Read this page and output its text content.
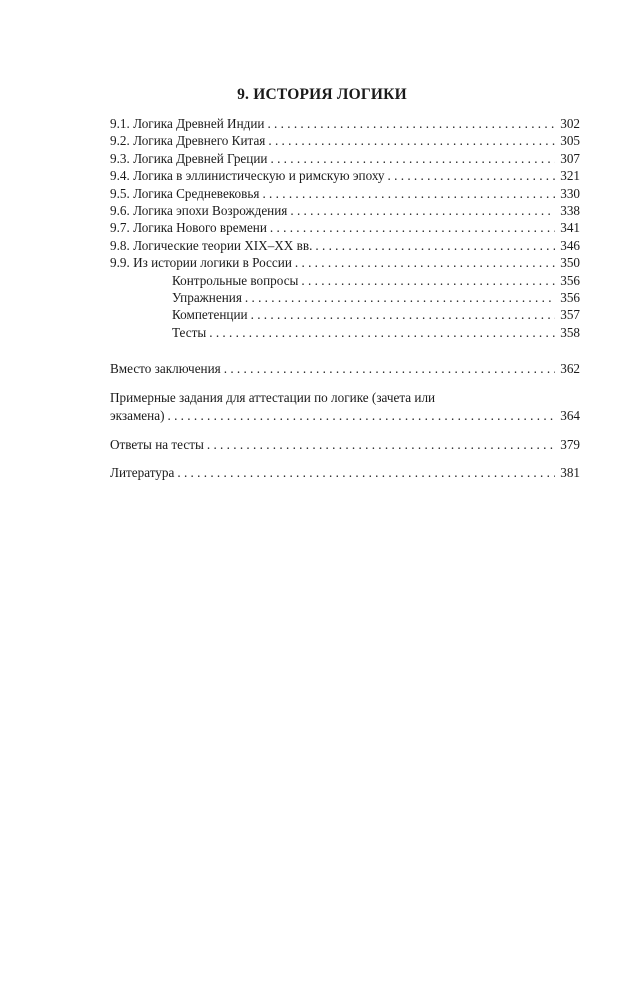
9. ИСТОРИЯ ЛОГИКИ
9.1. Логика Древней Индии . . .	302
9.2. Логика Древнего Китая . . .	305
9.3. Логика Древней Греции . . .	307
9.4. Логика в эллинистическую и римскую эпоху . . .	321
9.5. Логика Средневековья . . .	330
9.6. Логика эпохи Возрождения . . .	338
9.7. Логика Нового времени . . .	341
9.8. Логические теории XIX–XX вв. . . .	346
9.9. Из истории логики в России . . .	350
Контрольные вопросы . . .	356
Упражнения . . .	356
Компетенции . . .	357
Тесты . . .	358
Вместо заключения . . .	362
Примерные задания для аттестации по логике (зачета или
экзамена) . . .	364
Ответы на тесты . . .	379
Литература . . .	381
